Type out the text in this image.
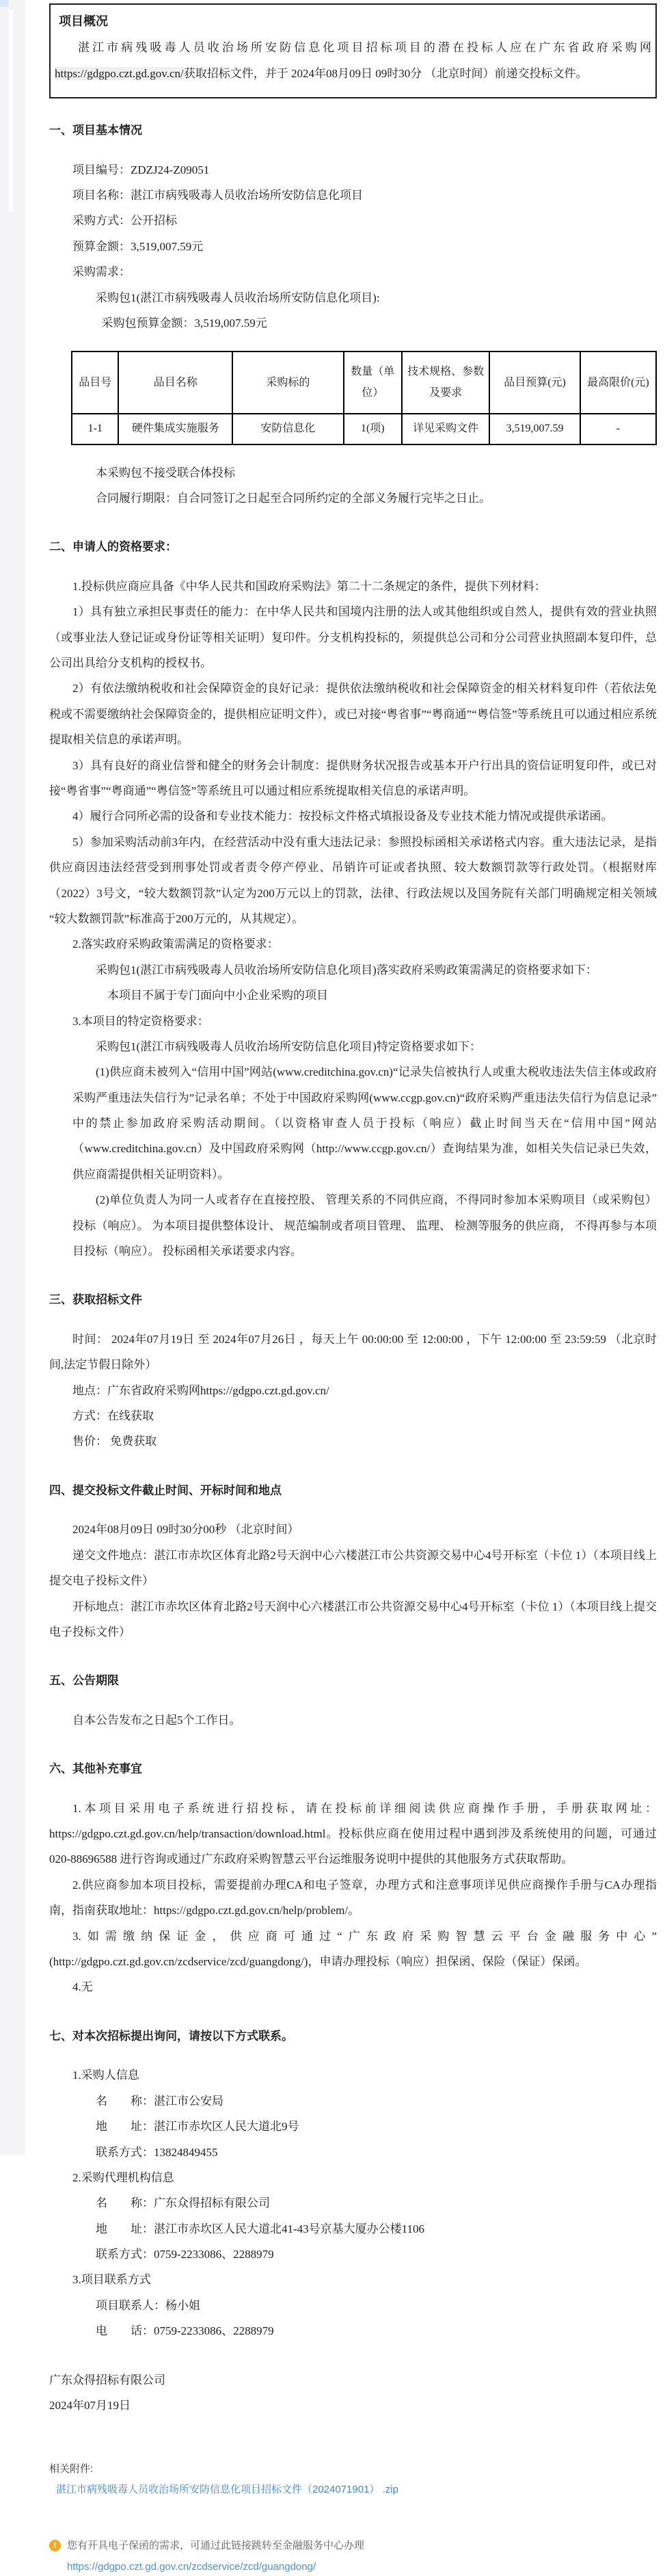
项目概况

湛江市病残吸毒人员收治场所安防信息化项目招标项目的潜在投标人应在广东省政府采购网https://gdgpo.czt.gd.gov.cn/获取招标文件，并于 2024年08月09日 09时30分 （北京时间）前递交投标文件。

一、项目基本情况

项目编号：ZDZJ24-Z09051

项目名称：湛江市病残吸毒人员收治场所安防信息化项目

采购方式：公开招标

预算金额：3,519,007.59元

采购需求：

采购包1(湛江市病残吸毒人员收治场所安防信息化项目):

采购包预算金额：3,519,007.59元

品目号	品目名称	采购标的	数量（单位）	技术规格、参数及要求	品目预算(元)	最高限价(元)
1-1	硬件集成实施服务	安防信息化	1(项)	详见采购文件	3,519,007.59	-

本采购包不接受联合体投标

合同履行期限：自合同签订之日起至合同所约定的全部义务履行完毕之日止。

二、申请人的资格要求：

1.投标供应商应具备《中华人民共和国政府采购法》第二十二条规定的条件，提供下列材料：

1）具有独立承担民事责任的能力：在中华人民共和国境内注册的法人或其他组织或自然人，提供有效的营业执照（或事业法人登记证或身份证等相关证明）复印件。分支机构投标的，须提供总公司和分公司营业执照副本复印件，总公司出具给分支机构的授权书。

2）有依法缴纳税收和社会保障资金的良好记录：提供依法缴纳税收和社会保障资金的相关材料复印件（若依法免税或不需要缴纳社会保障资金的，提供相应证明文件），或已对接“粤省事”“粤商通”“粤信签”等系统且可以通过相应系统提取相关信息的承诺声明。

3）具有良好的商业信誉和健全的财务会计制度：提供财务状况报告或基本开户行出具的资信证明复印件，或已对接“粤省事”“粤商通”“粤信签”等系统且可以通过相应系统提取相关信息的承诺声明。

4）履行合同所必需的设备和专业技术能力：按投标文件格式填报设备及专业技术能力情况或提供承诺函。

5）参加采购活动前3年内，在经营活动中没有重大违法记录：参照投标函相关承诺格式内容。重大违法记录，是指供应商因违法经营受到刑事处罚或者责令停产停业、吊销许可证或者执照、较大数额罚款等行政处罚。（根据财库（2022）3号文，“较大数额罚款”认定为200万元以上的罚款，法律、行政法规以及国务院有关部门明确规定相关领域“较大数额罚款”标准高于200万元的，从其规定）。

2.落实政府采购政策需满足的资格要求：

采购包1(湛江市病残吸毒人员收治场所安防信息化项目)落实政府采购政策需满足的资格要求如下：

本项目不属于专门面向中小企业采购的项目

3.本项目的特定资格要求：

采购包1(湛江市病残吸毒人员收治场所安防信息化项目)特定资格要求如下：

(1)供应商未被列入“信用中国”网站(www.creditchina.gov.cn)“记录失信被执行人或重大税收违法失信主体或政府采购严重违法失信行为”记录名单；不处于中国政府采购网(www.ccgp.gov.cn)“政府采购严重违法失信行为信息记录”中的禁止参加政府采购活动期间。（以资格审查人员于投标（响应）截止时间当天在“信用中国”网站（www.creditchina.gov.cn）及中国政府采购网（http://www.ccgp.gov.cn/）查询结果为准，如相关失信记录已失效，供应商需提供相关证明资料）。

(2)单位负责人为同一人或者存在直接控股、 管理关系的不同供应商，不得同时参加本采购项目（或采购包） 投标（响应）。 为本项目提供整体设计、 规范编制或者项目管理、 监理、 检测等服务的供应商， 不得再参与本项目投标（响应）。 投标函相关承诺要求内容。

三、获取招标文件

时间： 2024年07月19日 至 2024年07月26日 ，每天上午 00:00:00 至 12:00:00 ，下午 12:00:00 至 23:59:59 （北京时间,法定节假日除外）

地点：广东省政府采购网https://gdgpo.czt.gd.gov.cn/

方式：在线获取

售价： 免费获取

四、提交投标文件截止时间、开标时间和地点

2024年08月09日 09时30分00秒 （北京时间）

递交文件地点：湛江市赤坎区体育北路2号天润中心六楼湛江市公共资源交易中心4号开标室（卡位 1）（本项目线上提交电子投标文件）

开标地点：湛江市赤坎区体育北路2号天润中心六楼湛江市公共资源交易中心4号开标室（卡位 1）（本项目线上提交电子投标文件）

五、公告期限

自本公告发布之日起5个工作日。

六、其他补充事宜

1.本项目采用电子系统进行招投标，请在投标前详细阅读供应商操作手册，手册获取网址：https://gdgpo.czt.gd.gov.cn/help/transaction/download.html。投标供应商在使用过程中遇到涉及系统使用的问题，可通过020-88696588 进行咨询或通过广东政府采购智慧云平台运维服务说明中提供的其他服务方式获取帮助。

2.供应商参加本项目投标，需要提前办理CA和电子签章，办理方式和注意事项详见供应商操作手册与CA办理指南，指南获取地址：https://gdgpo.czt.gd.gov.cn/help/problem/。

3.如需缴纳保证金，供应商可通过“广东政府采购智慧云平台金融服务中心”(http://gdgpo.czt.gd.gov.cn/zcdservice/zcd/guangdong/)，申请办理投标（响应）担保函、保险（保证）保函。

4.无

七、对本次招标提出询问，请按以下方式联系。

1.采购人信息

名　　称：湛江市公安局

地　　址：湛江市赤坎区人民大道北9号

联系方式：13824849455

2.采购代理机构信息

名　　称：广东众得招标有限公司

地　　址：湛江市赤坎区人民大道北41-43号京基大厦办公楼1106

联系方式：0759-2233086、2288979

3.项目联系方式

项目联系人：杨小姐

电　　话：0759-2233086、2288979

广东众得招标有限公司

2024年07月19日

相关附件:
湛江市病残吸毒人员收治场所安防信息化项目招标文件（2024071901） .zip
!	您有开具电子保函的需求，可通过此链接跳转至金融服务中心办理
https://gdgpo.czt.gd.gov.cn/zcdservice/zcd/guangdong/
